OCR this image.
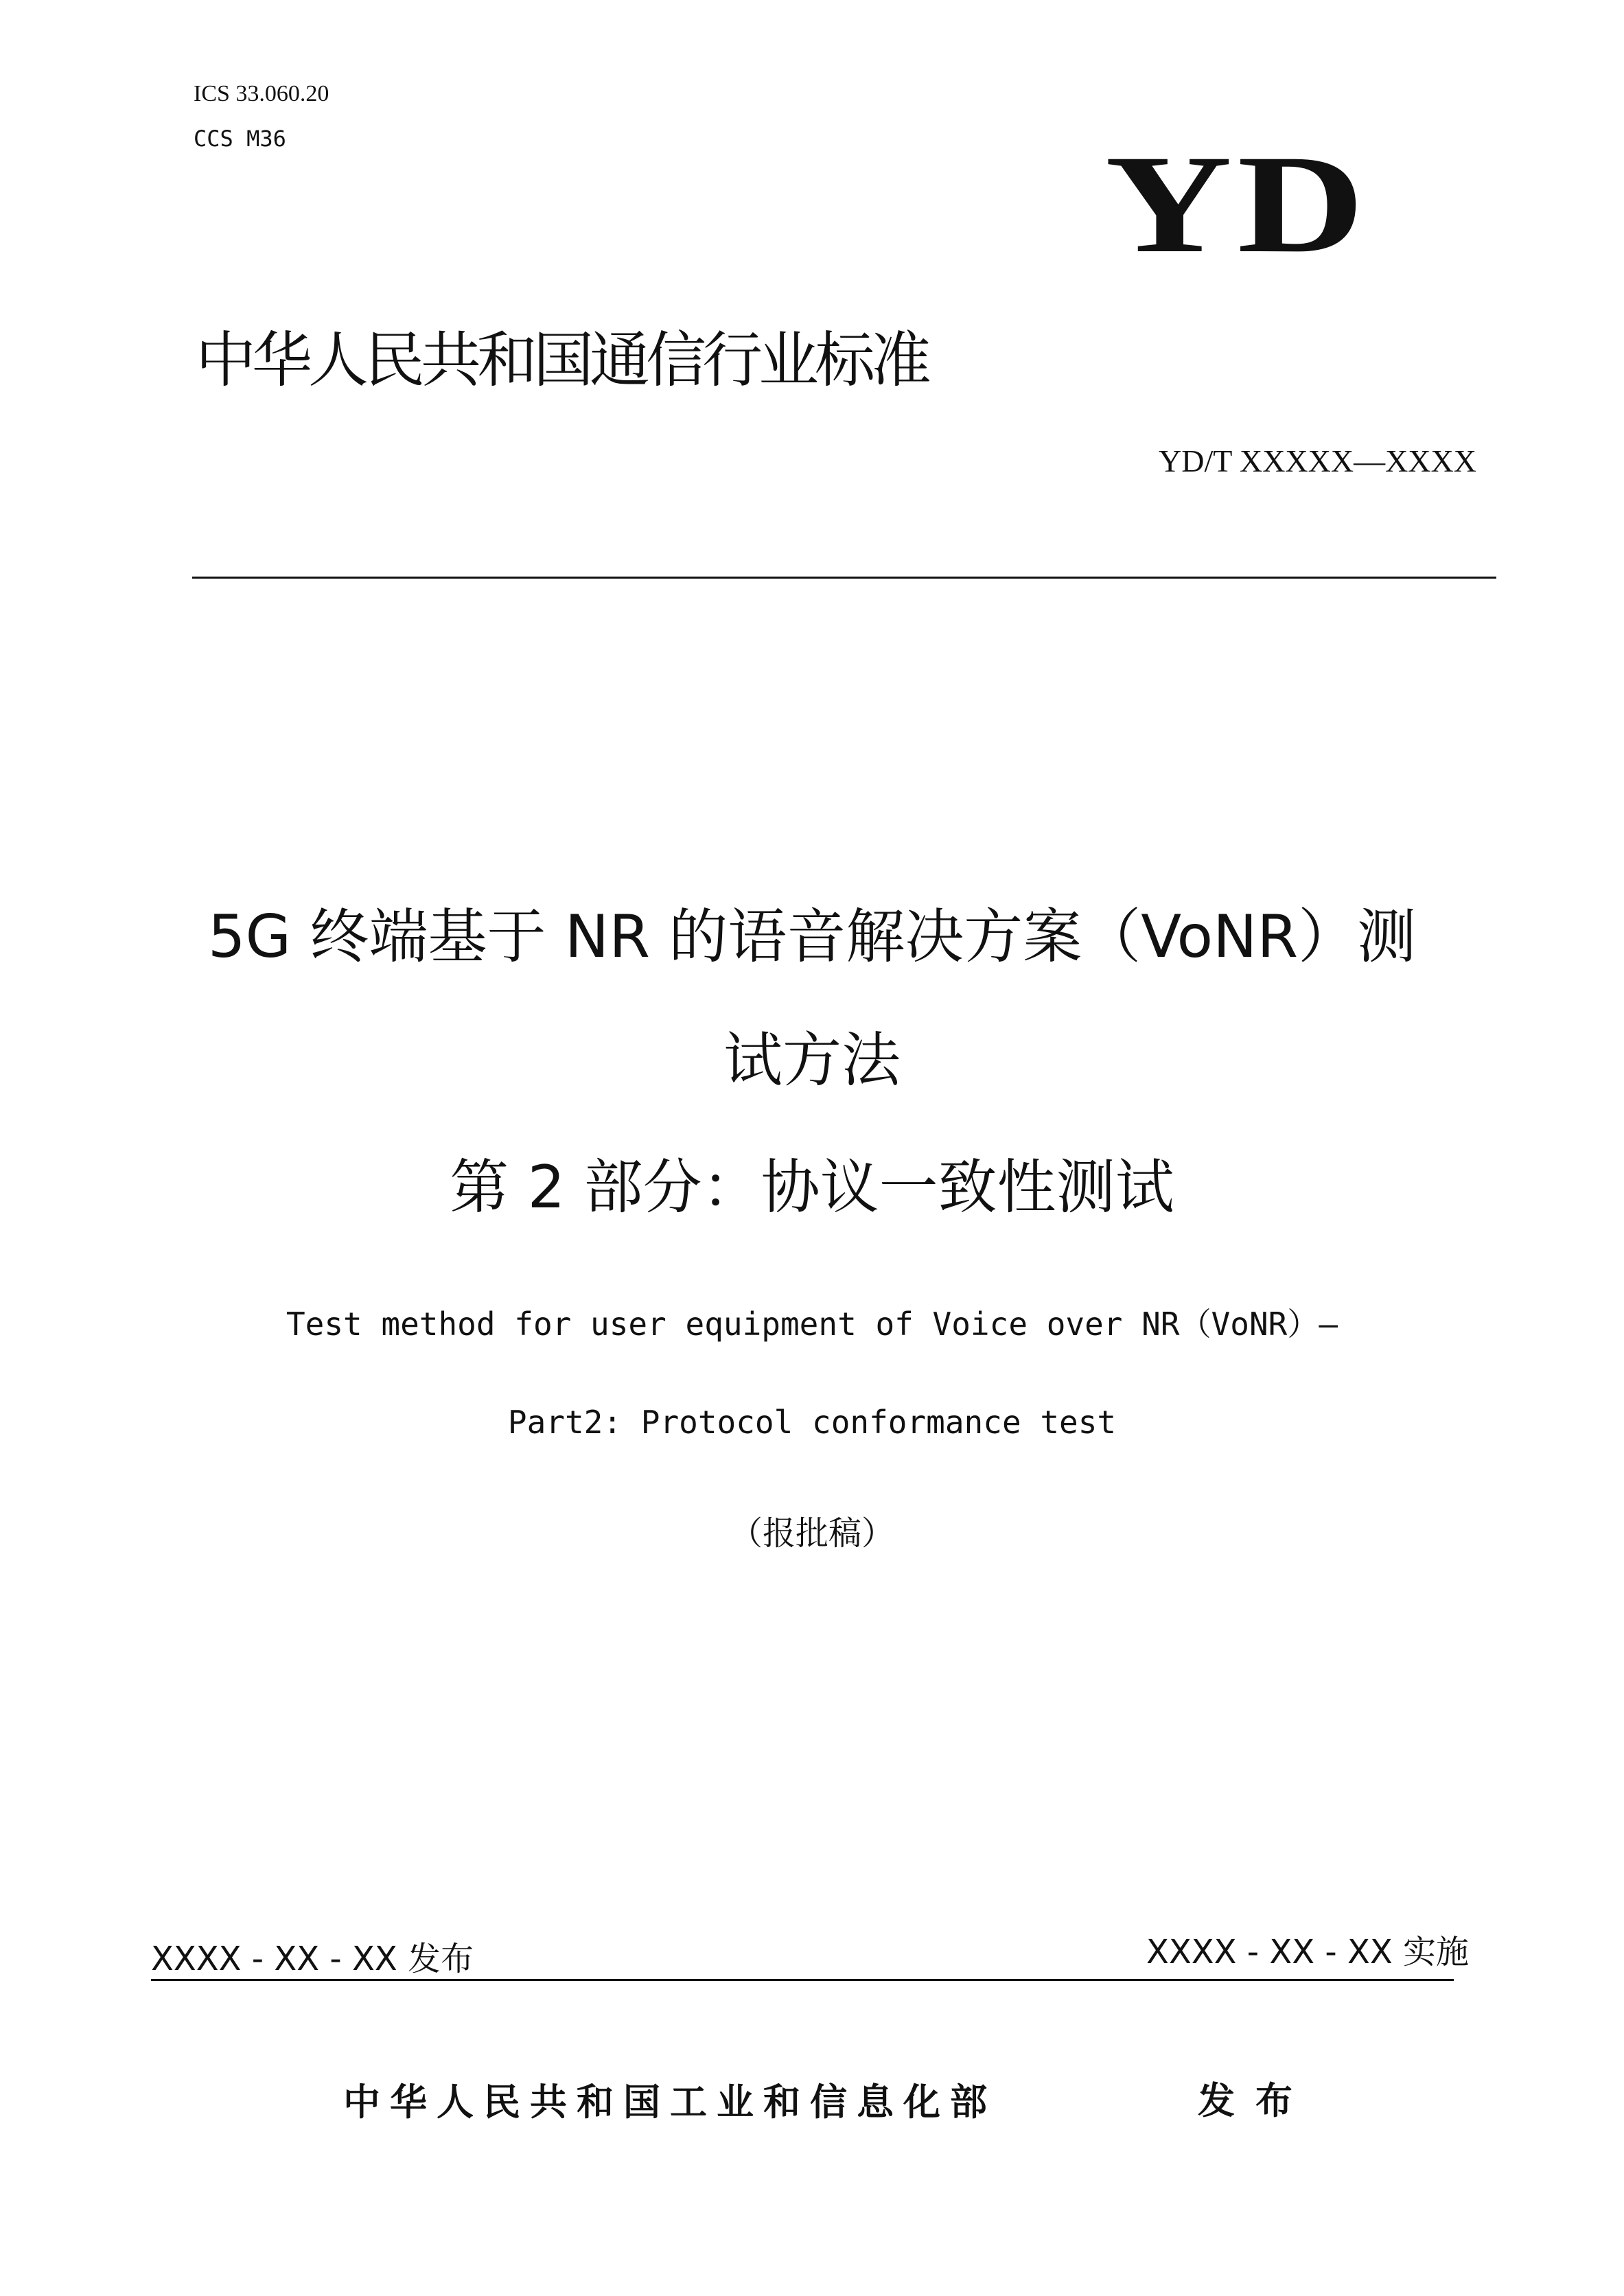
ICS 33.060.20
CCS M36	YD
中华人民共和国通信行业标准
YD/T XXXXX—XXXX
5G 终端基于 NR 的语音解决方案（VoNR）测
试方法
第 2 部分：协议一致性测试
Test method for user equipment of Voice over NR（VoNR）—
Part2: Protocol conformance test
（报批稿）
XXXX - XX - XX 发布	XXXX - XX - XX 实施
中华人民共和国工业和信息化部	发布
